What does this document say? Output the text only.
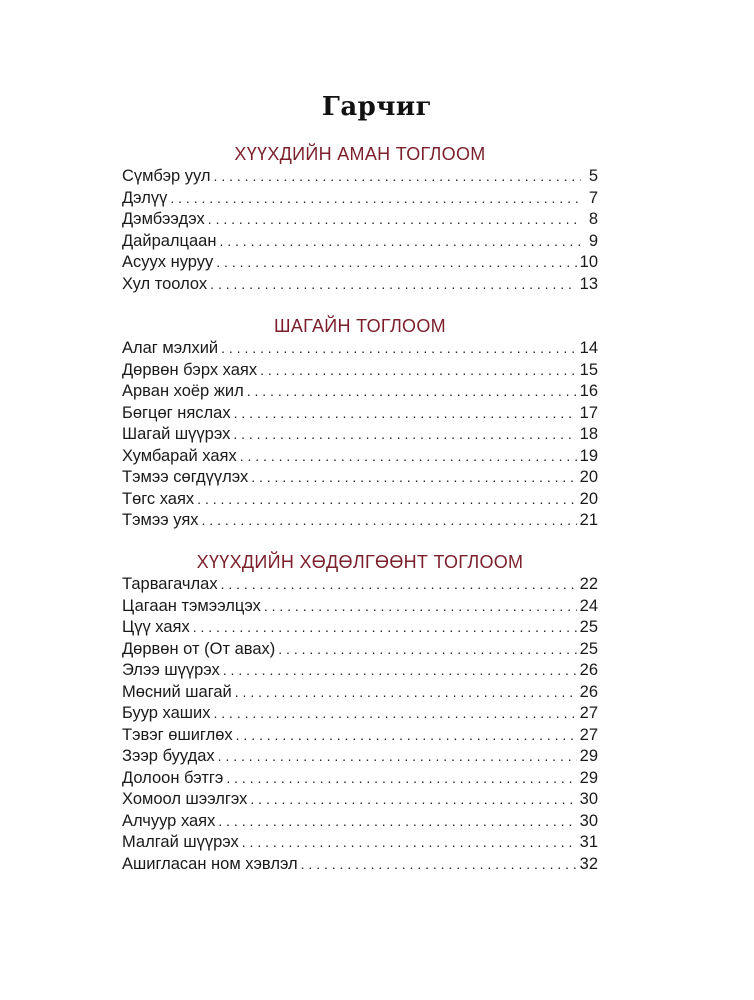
Гарчиг
ХҮҮХДИЙН АМАН ТОГЛООМ
Сүмбэр уул . . .	5
Дэлүү . . .	7
Дэмбээдэх . . .	8
Дайралцаан . . .	9
Асуух нуруу . . .	10
Хул тоолох . . .	13
ШАГАЙН ТОГЛООМ
Алаг мэлхий . . .	14
Дөрвөн бэрх хаях . . .	15
Арван хоёр жил . . .	16
Бөгцөг няслах . . .	17
Шагай шүүрэх . . .	18
Хумбарай хаях . . .	19
Тэмээ сөгдүүлэх . . .	20
Төгс хаях . . .	20
Тэмээ уях . . .	21
ХҮҮХДИЙН ХӨДӨЛГӨӨНТ ТОГЛООМ
Тарвагачлах . . .	22
Цагаан тэмээлцэх . . .	24
Цүү хаях . . .	25
Дөрвөн от (От авах) . . .	25
Элээ шүүрэх . . .	26
Мөсний шагай . . .	26
Буур хаших . . .	27
Тэвэг өшиглөх . . .	27
Зээр буудах . . .	29
Долоон бэтгэ . . .	29
Хомоол шээлгэх . . .	30
Алчуур хаях . . .	30
Малгай шүүрэх . . .	31
Ашигласан ном хэвлэл . . .	32
